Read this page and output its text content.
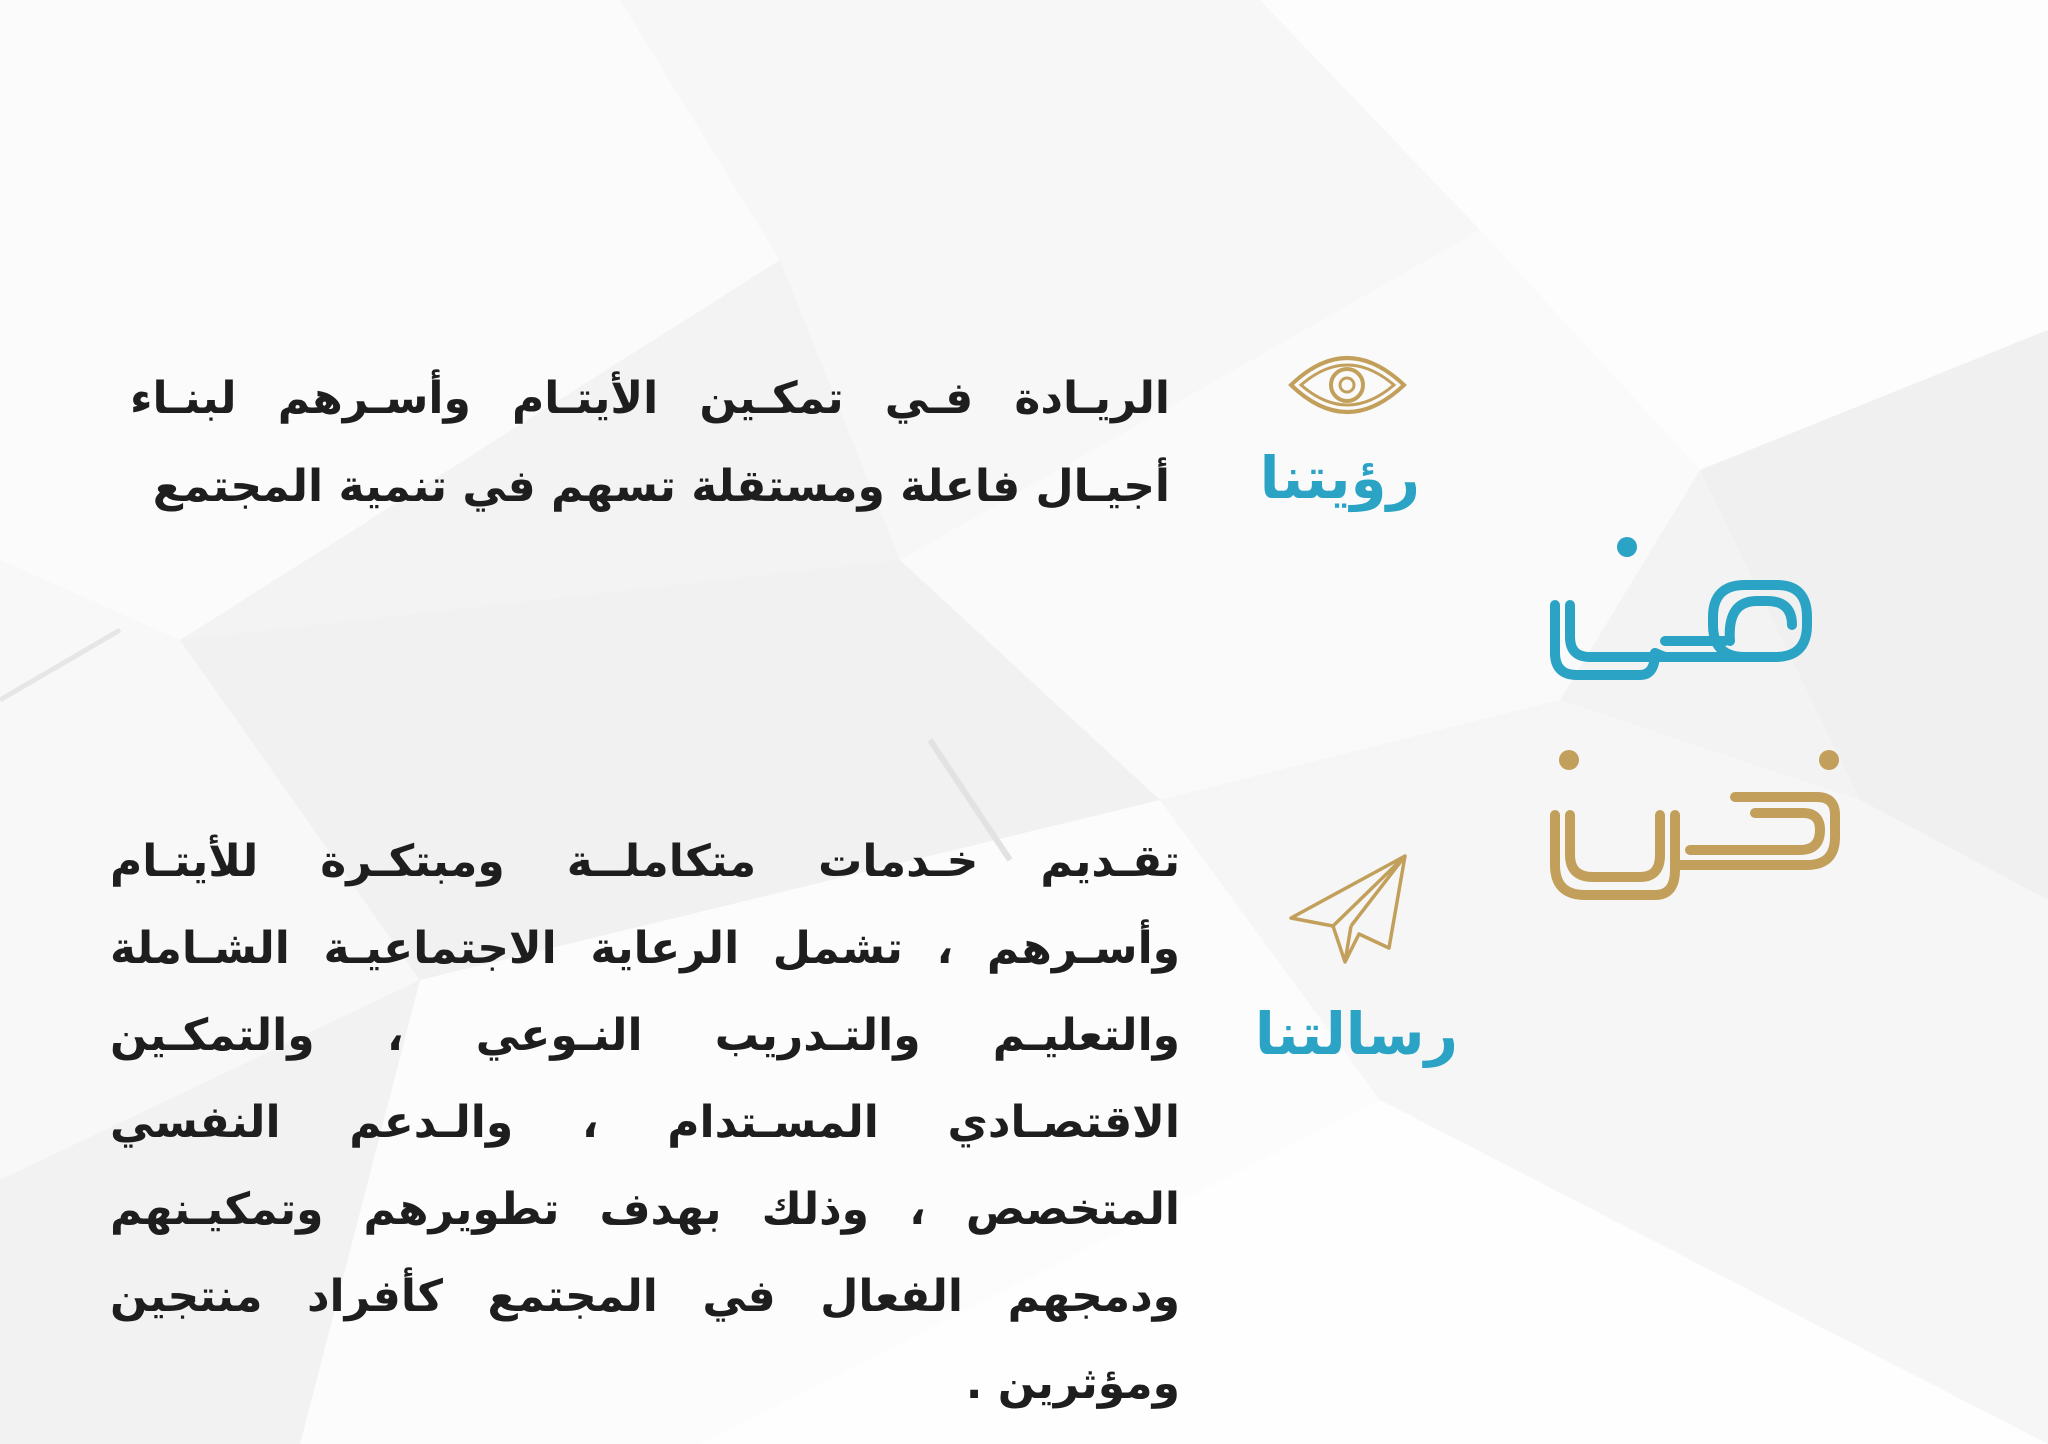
الريـادة فـي تمكـين الأيتـام وأسـرهم لبنـاء أجيـال فاعلة ومستقلة تسهم في تنمية المجتمع رؤيتنا
تقـديم خـدمات متكاملــة ومبتكـرة للأيتـام وأسـرهم ، تشمل الرعاية الاجتماعيـة الشـاملة والتعليـم والتـدريب النـوعي ، والتمكـين الاقتصـادي المسـتدام ، والـدعم النفسي المتخصص ، وذلك بهدف تطويرهم وتمكيـنهم ودمجهم الفعال في المجتمع كأفراد منتجين ومؤثرين .
رسالتنا
